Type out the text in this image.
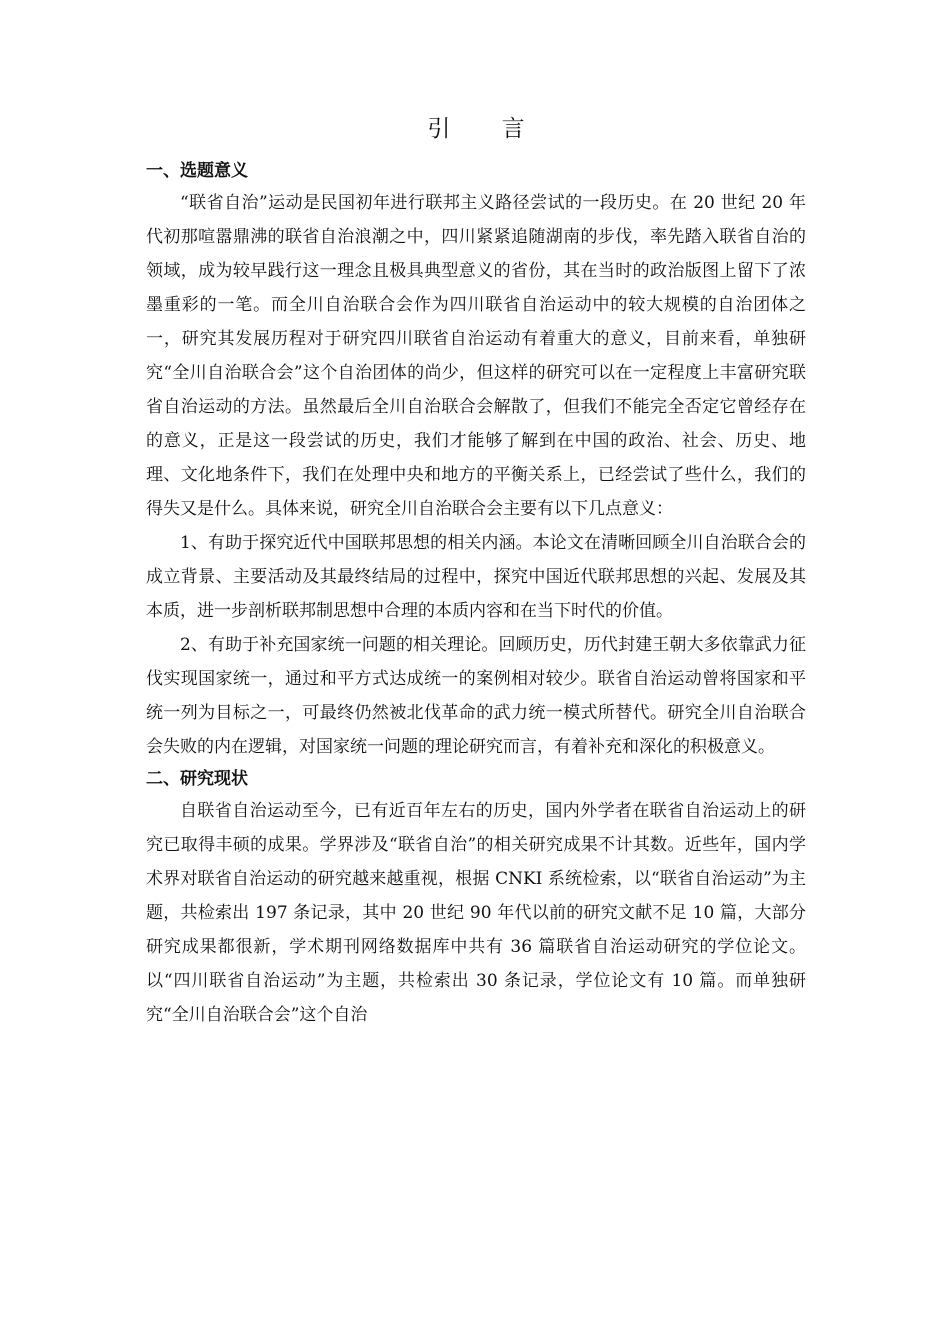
引 言
一、选题意义

“联省自治”运动是民国初年进行联邦主义路径尝试的一段历史。在 20 世纪 20 年代初那喧嚣鼎沸的联省自治浪潮之中，四川紧紧追随湖南的步伐，率先踏入联省自治的领域，成为较早践行这一理念且极具典型意义的省份，其在当时的政治版图上留下了浓墨重彩的一笔。而全川自治联合会作为四川联省自治运动中的较大规模的自治团体之一，研究其发展历程对于研究四川联省自治运动有着重大的意义，目前来看，单独研究“全川自治联合会”这个自治团体的尚少，但这样的研究可以在一定程度上丰富研究联省自治运动的方法。虽然最后全川自治联合会解散了，但我们不能完全否定它曾经存在的意义，正是这一段尝试的历史，我们才能够了解到在中国的政治、社会、历史、地理、文化地条件下，我们在处理中央和地方的平衡关系上，已经尝试了些什么，我们的得失又是什么。具体来说，研究全川自治联合会主要有以下几点意义：

1、有助于探究近代中国联邦思想的相关内涵。本论文在清晰回顾全川自治联合会的成立背景、主要活动及其最终结局的过程中，探究中国近代联邦思想的兴起、发展及其本质，进一步剖析联邦制思想中合理的本质内容和在当下时代的价值。

2、有助于补充国家统一问题的相关理论。回顾历史，历代封建王朝大多依靠武力征伐实现国家统一，通过和平方式达成统一的案例相对较少。联省自治运动曾将国家和平统一列为目标之一，可最终仍然被北伐革命的武力统一模式所替代。研究全川自治联合会失败的内在逻辑，对国家统一问题的理论研究而言，有着补充和深化的积极意义。

二、研究现状

自联省自治运动至今，已有近百年左右的历史，国内外学者在联省自治运动上的研究已取得丰硕的成果。学界涉及“联省自治”的相关研究成果不计其数。近些年，国内学术界对联省自治运动的研究越来越重视，根据 CNKI 系统检索，以“联省自治运动”为主题，共检索出 197 条记录，其中 20 世纪 90 年代以前的研究文献不足 10 篇，大部分研究成果都很新，学术期刊网络数据库中共有 36 篇联省自治运动研究的学位论文。以“四川联省自治运动”为主题，共检索出 30 条记录，学位论文有 10 篇。而单独研究“全川自治联合会”这个自治
